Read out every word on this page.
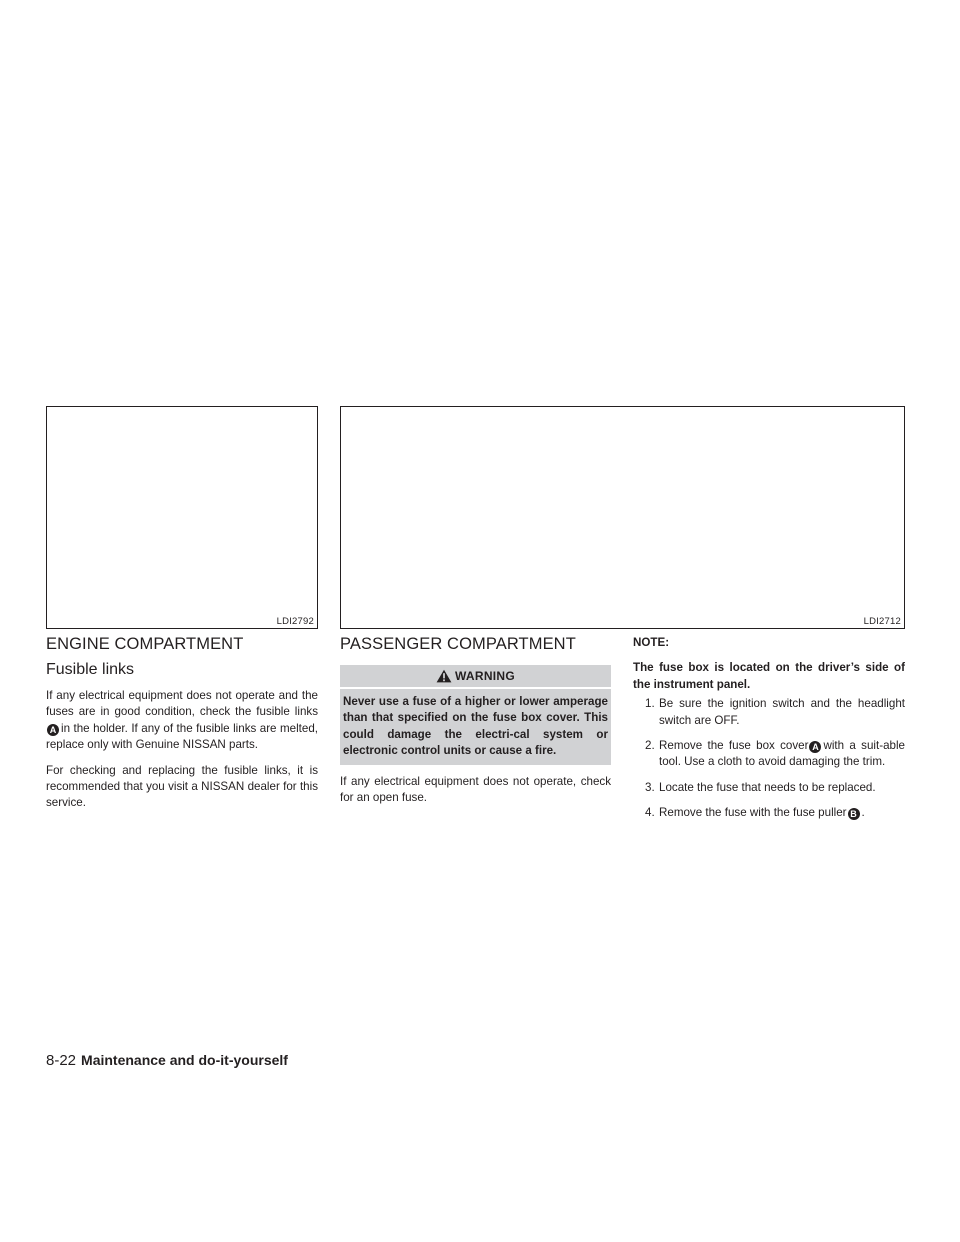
LDI2792	LDI2712
ENGINE COMPARTMENT
Fusible links

If any electrical equipment does not operate and the fuses are in good condition, check the fusible linksA in the holder. If any of the fusible links are melted, replace only with Genuine NISSAN parts.

For checking and replacing the fusible links, it is recommended that you visit a NISSAN dealer for this service.

PASSENGER COMPARTMENT
WARNING
Never use a fuse of a higher or lower amperage than that specified on the fuse box cover. This could damage the electri-cal system or electronic control units or cause a fire.

If any electrical equipment does not operate, check for an open fuse.

NOTE:
The fuse box is located on the driver’s side of the instrument panel.
1. Be sure the ignition switch and the headlight switch are OFF.
2. Remove the fuse box cover A with a suit-able tool. Use a cloth to avoid damaging the trim.
3. Locate the fuse that needs to be replaced.
4. Remove the fuse with the fuse puller B .
8-22 Maintenance and do-it-yourself
